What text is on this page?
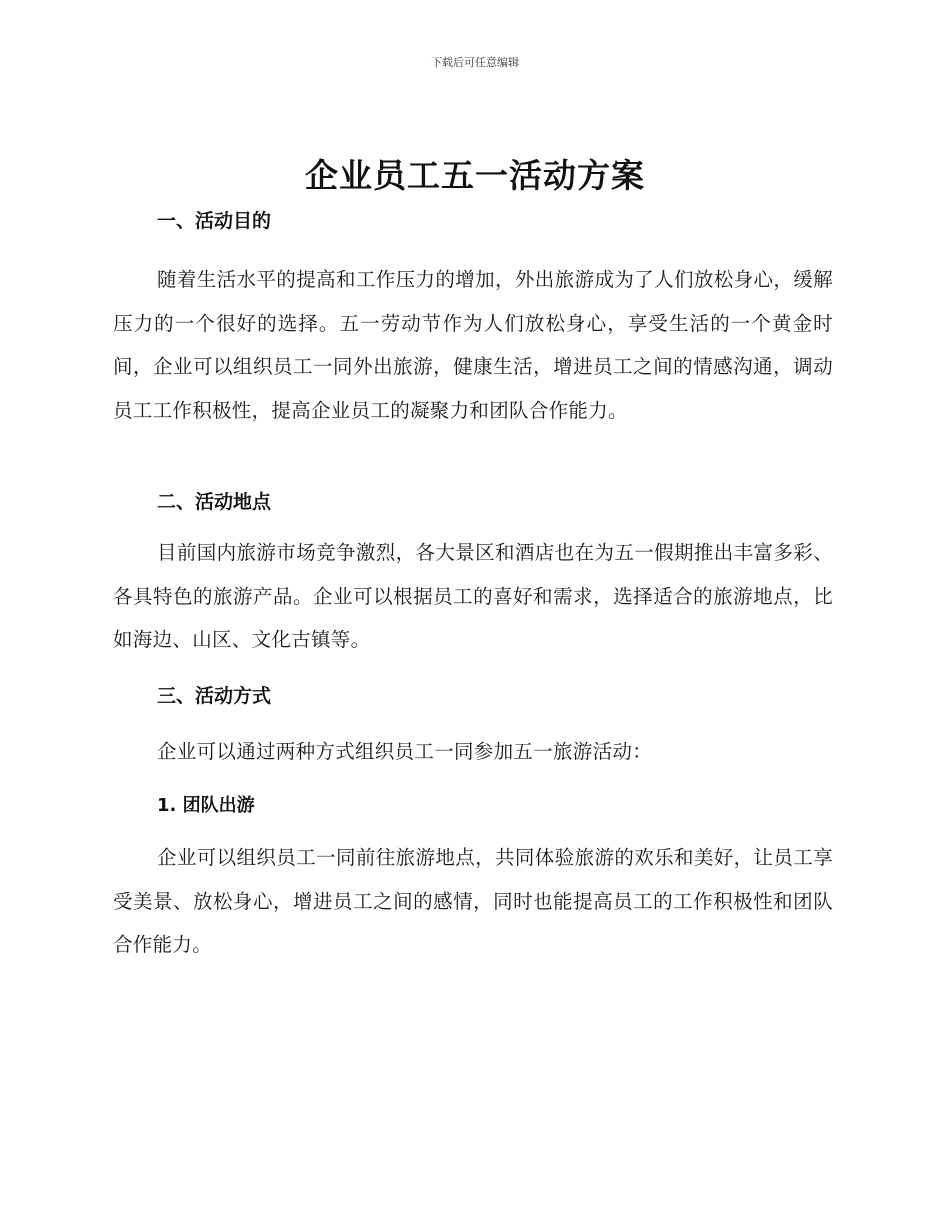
下载后可任意编辑
企业员工五一活动方案
一、活动目的
随着生活水平的提高和工作压力的增加，外出旅游成为了人们放松身心，缓解压力的一个很好的选择。五一劳动节作为人们放松身心，享受生活的一个黄金时间，企业可以组织员工一同外出旅游，健康生活，增进员工之间的情感沟通，调动员工工作积极性，提高企业员工的凝聚力和团队合作能力。
二、活动地点
目前国内旅游市场竞争激烈，各大景区和酒店也在为五一假期推出丰富多彩、各具特色的旅游产品。企业可以根据员工的喜好和需求，选择适合的旅游地点，比如海边、山区、文化古镇等。
三、活动方式
企业可以通过两种方式组织员工一同参加五一旅游活动：
1. 团队出游
企业可以组织员工一同前往旅游地点，共同体验旅游的欢乐和美好，让员工享受美景、放松身心，增进员工之间的感情，同时也能提高员工的工作积极性和团队合作能力。
